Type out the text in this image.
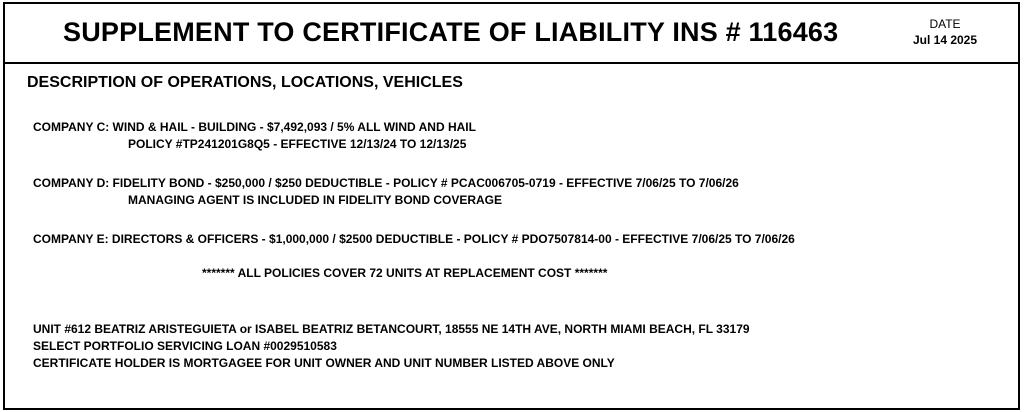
SUPPLEMENT TO CERTIFICATE OF LIABILITY INS # 116463	DATE
Jul 14 2025
DESCRIPTION OF OPERATIONS, LOCATIONS, VEHICLES
COMPANY C: WIND & HAIL - BUILDING - $7,492,093 / 5% ALL WIND AND HAIL
POLICY #TP241201G8Q5 - EFFECTIVE 12/13/24 TO 12/13/25
COMPANY D: FIDELITY BOND - $250,000 / $250 DEDUCTIBLE - POLICY # PCAC006705-0719 - EFFECTIVE 7/06/25 TO 7/06/26
MANAGING AGENT IS INCLUDED IN FIDELITY BOND COVERAGE
COMPANY E: DIRECTORS & OFFICERS - $1,000,000 / $2500 DEDUCTIBLE - POLICY # PDO7507814-00 - EFFECTIVE 7/06/25 TO 7/06/26
******* ALL POLICIES COVER 72 UNITS AT REPLACEMENT COST *******
UNIT #612 BEATRIZ ARISTEGUIETA or ISABEL BEATRIZ BETANCOURT, 18555 NE 14TH AVE, NORTH MIAMI BEACH, FL 33179
SELECT PORTFOLIO SERVICING LOAN #0029510583
CERTIFICATE HOLDER IS MORTGAGEE FOR UNIT OWNER AND UNIT NUMBER LISTED ABOVE ONLY
